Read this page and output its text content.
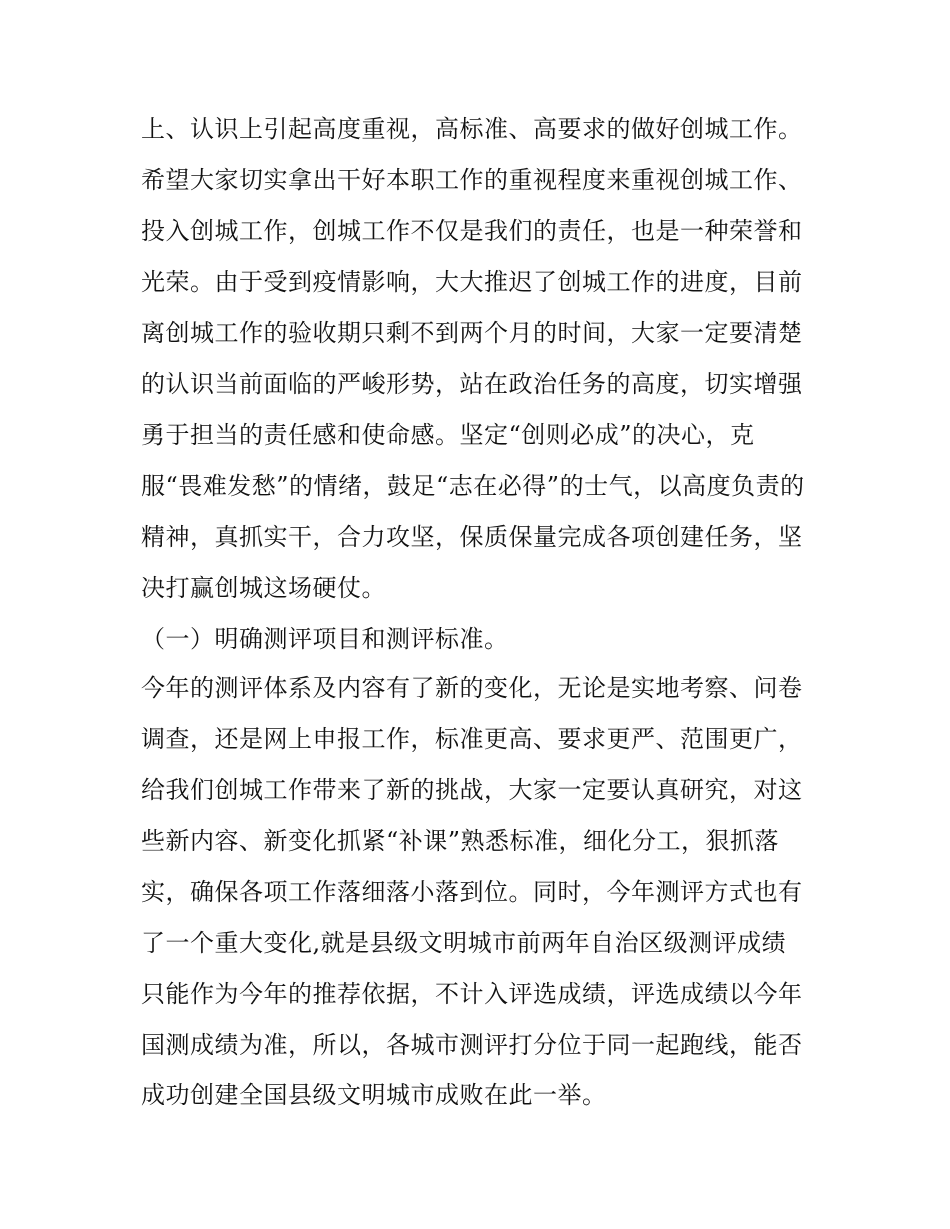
上、认识上引起高度重视，高标准、高要求的做好创城工作。
希望大家切实拿出干好本职工作的重视程度来重视创城工作、
投入创城工作，创城工作不仅是我们的责任，也是一种荣誉和
光荣。由于受到疫情影响，大大推迟了创城工作的进度，目前
离创城工作的验收期只剩不到两个月的时间，大家一定要清楚
的认识当前面临的严峻形势，站在政治任务的高度，切实增强
勇于担当的责任感和使命感。坚定“创则必成”的决心，克
服“畏难发愁”的情绪，鼓足“志在必得”的士气，以高度负责的
精神，真抓实干，合力攻坚，保质保量完成各项创建任务，坚
决打赢创城这场硬仗。
（一）明确测评项目和测评标准。
今年的测评体系及内容有了新的变化，无论是实地考察、问卷
调查，还是网上申报工作，标准更高、要求更严、范围更广，
给我们创城工作带来了新的挑战，大家一定要认真研究，对这
些新内容、新变化抓紧“补课”熟悉标准，细化分工，狠抓落
实，确保各项工作落细落小落到位。同时，今年测评方式也有
了一个重大变化,就是县级文明城市前两年自治区级测评成绩
只能作为今年的推荐依据，不计入评选成绩，评选成绩以今年
国测成绩为准，所以，各城市测评打分位于同一起跑线，能否
成功创建全国县级文明城市成败在此一举。
